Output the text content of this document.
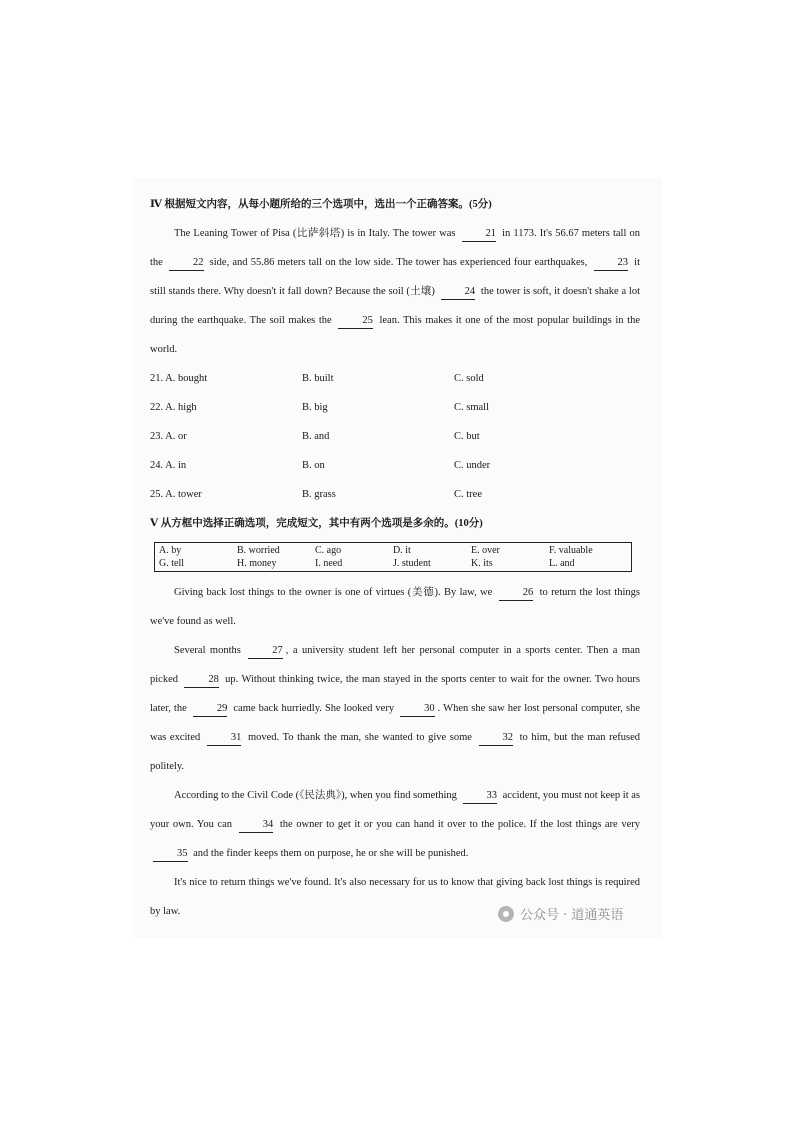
Ⅳ 根据短文内容，从每小题所给的三个选项中，选出一个正确答案。(5分)
The Leaning Tower of Pisa (比萨斜塔) is in Italy. The tower was	21 in 1173. It's 56.67 meters tall on the	22 side, and 55.86 meters tall on the low side. The tower has experienced four earthquakes,	23 it still stands there. Why doesn't it fall down? Because the soil (土壤)	24 the tower is soft, it doesn't shake a lot during the earthquake. The soil makes the	25 lean. This makes it one of the most popular buildings in the world.
21. A. bought	B. built	C. sold
22. A. high	B. big	C. small
23. A. or	B. and	C. but
24. A. in	B. on	C. under
25. A. tower	B. grass	C. tree
Ⅴ 从方框中选择正确选项，完成短文，其中有两个选项是多余的。(10分)
A. by	B. worried	C. ago	D. it	E. over	F. valuable
G. tell	H. money	I. need	J. student	K. its	L. and
Giving back lost things to the owner is one of virtues (美德). By law, we	26 to return the lost things we've found as well.
Several months	27 , a university student left her personal computer in a sports center. Then a man picked	28 up. Without thinking twice, the man stayed in the sports center to wait for the owner. Two hours later, the	29 came back hurriedly. She looked very	30 . When she saw her lost personal computer, she was excited	31 moved. To thank the man, she wanted to give some	32 to him, but the man refused politely.
According to the Civil Code (《民法典》), when you find something	33 accident, you must not keep it as your own. You can	34 the owner to get it or you can hand it over to the police. If the lost things are very 35 and the finder keeps them on purpose, he or she will be punished.
It's nice to return things we've found. It's also necessary for us to know that giving back lost things is required by law.	公众号 · 道通英语
